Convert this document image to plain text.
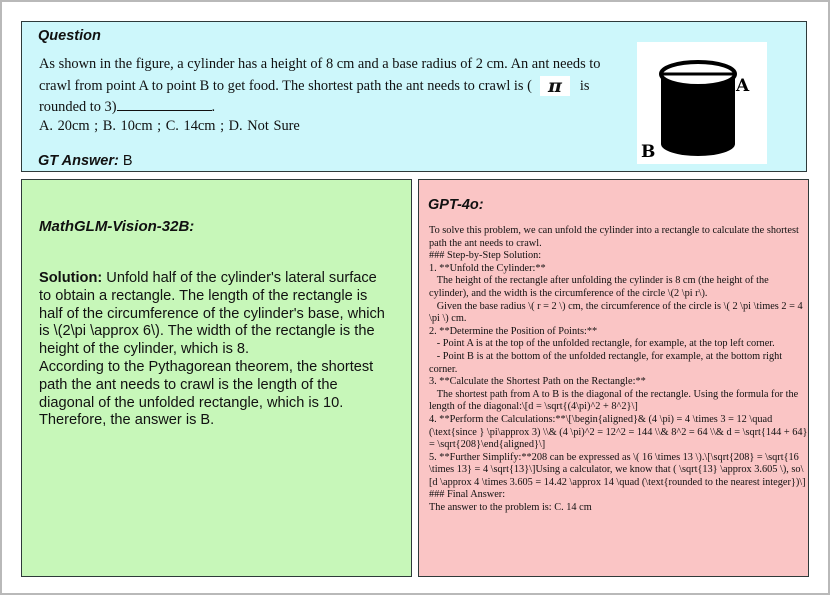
Question
As shown in the figure, a cylinder has a height of 8 cm and a base radius of 2 cm. An ant needs to crawl from point A to point B to get food. The shortest path the ant needs to crawl is ( π is rounded to 3)	.
A. 20cm ; B. 10cm ; C. 14cm ; D. Not Sure
GT Answer: B
A
B
MathGLM-Vision-32B:
Solution: Unfold half of the cylinder's lateral surface to obtain a rectangle. The length of the rectangle is half of the circumference of the cylinder's base, which is \(2\pi \approx 6\). The width of the rectangle is the height of the cylinder, which is 8.
According to the Pythagorean theorem, the shortest path the ant needs to crawl is the length of the diagonal of the unfolded rectangle, which is 10.
Therefore, the answer is B.
GPT-4o:
To solve this problem, we can unfold the cylinder into a rectangle to calculate the shortest path the ant needs to crawl.
### Step-by-Step Solution:
1. **Unfold the Cylinder:**
The height of the rectangle after unfolding the cylinder is 8 cm (the height of the cylinder), and the width is the circumference of the circle \(2 \pi r\).
Given the base radius \( r = 2 \) cm, the circumference of the circle is \( 2 \pi \times 2 = 4 \pi \) cm.
2. **Determine the Position of Points:**
- Point A is at the top of the unfolded rectangle, for example, at the top left corner.
- Point B is at the bottom of the unfolded rectangle, for example, at the bottom right corner.
3. **Calculate the Shortest Path on the Rectangle:**
The shortest path from A to B is the diagonal of the rectangle. Using the formula for the length of the diagonal:\[d = \sqrt{(4\pi)^2 + 8^2}\]
4. **Perform the Calculations:**\[\begin{aligned}& (4 \pi) = 4 \times 3 = 12 \quad (\text{since } \pi\approx 3) \\& (4 \pi)^2 = 12^2 = 144 \\& 8^2 = 64 \\& d = \sqrt{144 + 64} = \sqrt{208}\end{aligned}\]
5. **Further Simplify:**208 can be expressed as \( 16 \times 13 \).\[\sqrt{208} = \sqrt{16 \times 13} = 4 \sqrt{13}\]Using a calculator, we know that ( \sqrt{13} \approx 3.605 \), so\[d \approx 4 \times 3.605 = 14.42 \approx 14 \quad (\text{rounded to the nearest integer})\]
### Final Answer:
The answer to the problem is: C. 14 cm
